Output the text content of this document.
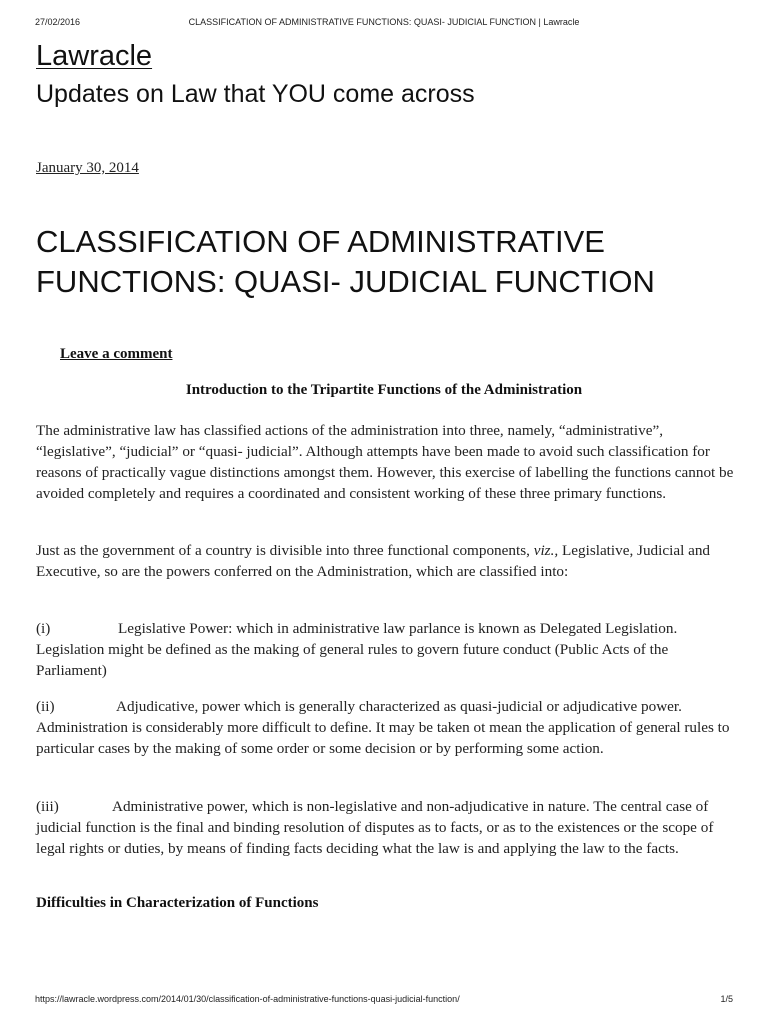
27/02/2016	CLASSIFICATION OF ADMINISTRATIVE FUNCTIONS: QUASI- JUDICIAL FUNCTION | Lawracle
Lawracle
Updates on Law that YOU come across
January 30, 2014
CLASSIFICATION OF ADMINISTRATIVE FUNCTIONS: QUASI- JUDICIAL FUNCTION
Leave a comment
Introduction to the Tripartite Functions of the Administration

The administrative law has classified actions of the administration into three, namely, “administrative”, “legislative”, “judicial” or “quasi- judicial”. Although attempts have been made to avoid such classification for reasons of practically vague distinctions amongst them. However, this exercise of labelling the functions cannot be avoided completely and requires a coordinated and consistent working of these three primary functions.

Just as the government of a country is divisible into three functional components, viz., Legislative, Judicial and Executive, so are the powers conferred on the Administration, which are classified into:

(i)	Legislative Power: which in administrative law parlance is known as Delegated Legislation. Legislation might be defined as the making of general rules to govern future conduct (Public Acts of the Parliament)

(ii)	Adjudicative, power which is generally characterized as quasi-judicial or adjudicative power. Administration is considerably more difficult to define. It may be taken ot mean the application of general rules to particular cases by the making of some order or some decision or by performing some action.

(iii)	Administrative power, which is non-legislative and non-adjudicative in nature. The central case of judicial function is the final and binding resolution of disputes as to facts, or as to the existences or the scope of legal rights or duties, by means of finding facts deciding what the law is and applying the law to the facts.

Difficulties in Characterization of Functions
https://lawracle.wordpress.com/2014/01/30/classification-of-administrative-functions-quasi-judicial-function/	1/5
